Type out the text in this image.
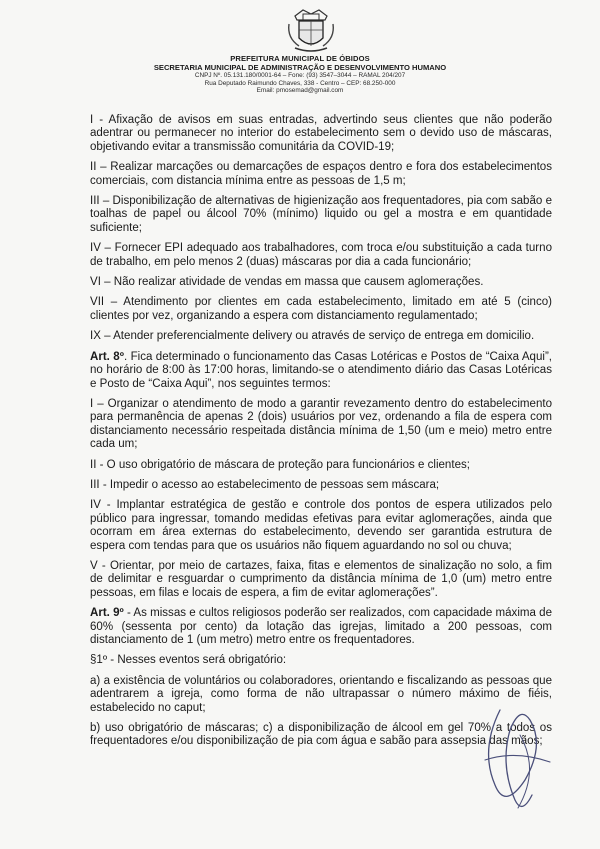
PREFEITURA MUNICIPAL DE ÓBIDOS
SECRETARIA MUNICIPAL DE ADMINISTRAÇÃO E DESENVOLVIMENTO HUMANO
CNPJ Nº. 05.131.180/0001-64 – Fone: (93) 3547–3044 – RAMAL 204/207
Rua Deputado Raimundo Chaves, 338 - Centro – CEP: 68.250-000
Email: pmosemad@gmail.com

I - Afixação de avisos em suas entradas, advertindo seus clientes que não poderão adentrar ou permanecer no interior do estabelecimento sem o devido uso de máscaras, objetivando evitar a transmissão comunitária da COVID-19;

II – Realizar marcações ou demarcações de espaços dentro e fora dos estabelecimentos comerciais, com distancia mínima entre as pessoas de 1,5 m;

III – Disponibilização de alternativas de higienização aos frequentadores, pia com sabão e toalhas de papel ou álcool 70% (mínimo) liquido ou gel a mostra e em quantidade suficiente;

IV – Fornecer EPI adequado aos trabalhadores, com troca e/ou substituição a cada turno de trabalho, em pelo menos 2 (duas) máscaras por dia a cada funcionário;

VI – Não realizar atividade de vendas em massa que causem aglomerações.

VII – Atendimento por clientes em cada estabelecimento, limitado em até 5 (cinco) clientes por vez, organizando a espera com distanciamento regulamentado;

IX – Atender preferencialmente delivery ou através de serviço de entrega em domicilio.

Art. 8º. Fica determinado o funcionamento das Casas Lotéricas e Postos de “Caixa Aqui”, no horário de 8:00 às 17:00 horas, limitando-se o atendimento diário das Casas Lotéricas e Posto de “Caixa Aqui”, nos seguintes termos:

I – Organizar o atendimento de modo a garantir revezamento dentro do estabelecimento para permanência de apenas 2 (dois) usuários por vez, ordenando a fila de espera com distanciamento necessário respeitada distância mínima de 1,50 (um e meio) metro entre cada um;

II - O uso obrigatório de máscara de proteção para funcionários e clientes;

III - Impedir o acesso ao estabelecimento de pessoas sem máscara;

IV - Implantar estratégica de gestão e controle dos pontos de espera utilizados pelo público para ingressar, tomando medidas efetivas para evitar aglomerações, ainda que ocorram em área externas do estabelecimento, devendo ser garantida estrutura de espera com tendas para que os usuários não fiquem aguardando no sol ou chuva;

V - Orientar, por meio de cartazes, faixa, fitas e elementos de sinalização no solo, a fim de delimitar e resguardar o cumprimento da distância mínima de 1,0 (um) metro entre pessoas, em filas e locais de espera, a fim de evitar aglomerações”.

Art. 9º - As missas e cultos religiosos poderão ser realizados, com capacidade máxima de 60% (sessenta por cento) da lotação das igrejas, limitado a 200 pessoas, com distanciamento de 1 (um metro) metro entre os frequentadores.

§1º - Nesses eventos será obrigatório:

a) a existência de voluntários ou colaboradores, orientando e fiscalizando as pessoas que adentrarem a igreja, como forma de não ultrapassar o número máximo de fiéis, estabelecido no caput;

b) uso obrigatório de máscaras; c) a disponibilização de álcool em gel 70% a todos os frequentadores e/ou disponibilização de pia com água e sabão para assepsia das mãos;
